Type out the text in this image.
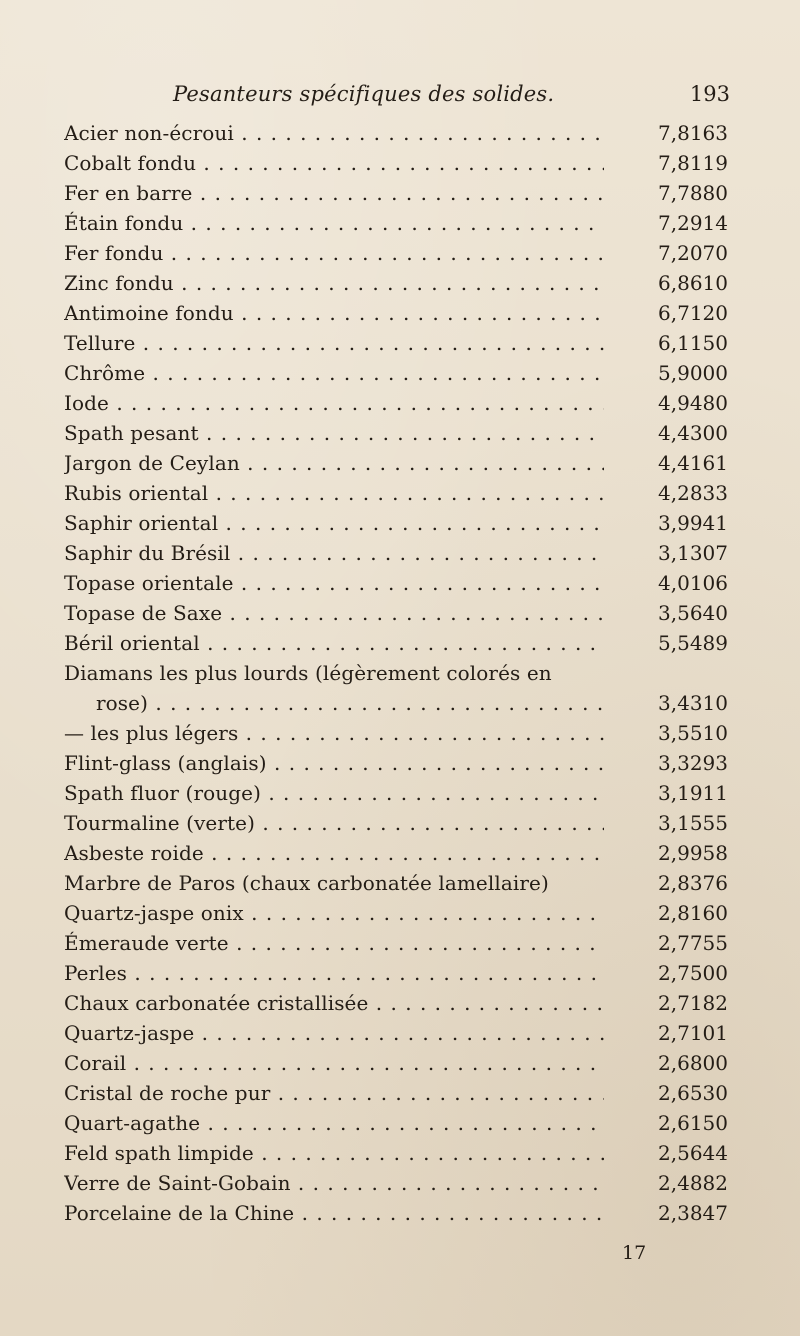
Pesanteurs spécifiques des solides.	193
Acier non-écroui . . .	7,8163
Cobalt fondu . . .	7,8119
Fer en barre . . .	7,7880
Étain fondu . . .	7,2914
Fer fondu . . .	7,2070
Zinc fondu . . .	6,8610
Antimoine fondu . . .	6,7120
Tellure . . .	6,1150
Chrôme . . .	5,9000
Iode . . .	4,9480
Spath pesant . . .	4,4300
Jargon de Ceylan . . .	4,4161
Rubis oriental . . .	4,2833
Saphir oriental . . .	3,9941
Saphir du Brésil . . .	3,1307
Topase orientale . . .	4,0106
Topase de Saxe . . .	3,5640
Béril oriental . . .	5,5489
Diamans les plus lourds (légèrement colorés en
rose) . . .	3,4310
— les plus légers . . .	3,5510
Flint-glass (anglais) . . .	3,3293
Spath fluor (rouge) . . .	3,1911
Tourmaline (verte) . . .	3,1555
Asbeste roide . . .	2,9958
Marbre de Paros (chaux carbonatée lamellaire)	2,8376
Quartz-jaspe onix . . .	2,8160
Émeraude verte . . .	2,7755
Perles . . .	2,7500
Chaux carbonatée cristallisée . . .	2,7182
Quartz-jaspe . . .	2,7101
Corail . . .	2,6800
Cristal de roche pur . . .	2,6530
Quart-agathe . . .	2,6150
Feld spath limpide . . .	2,5644
Verre de Saint-Gobain . . .	2,4882
Porcelaine de la Chine . . .	2,3847
17
